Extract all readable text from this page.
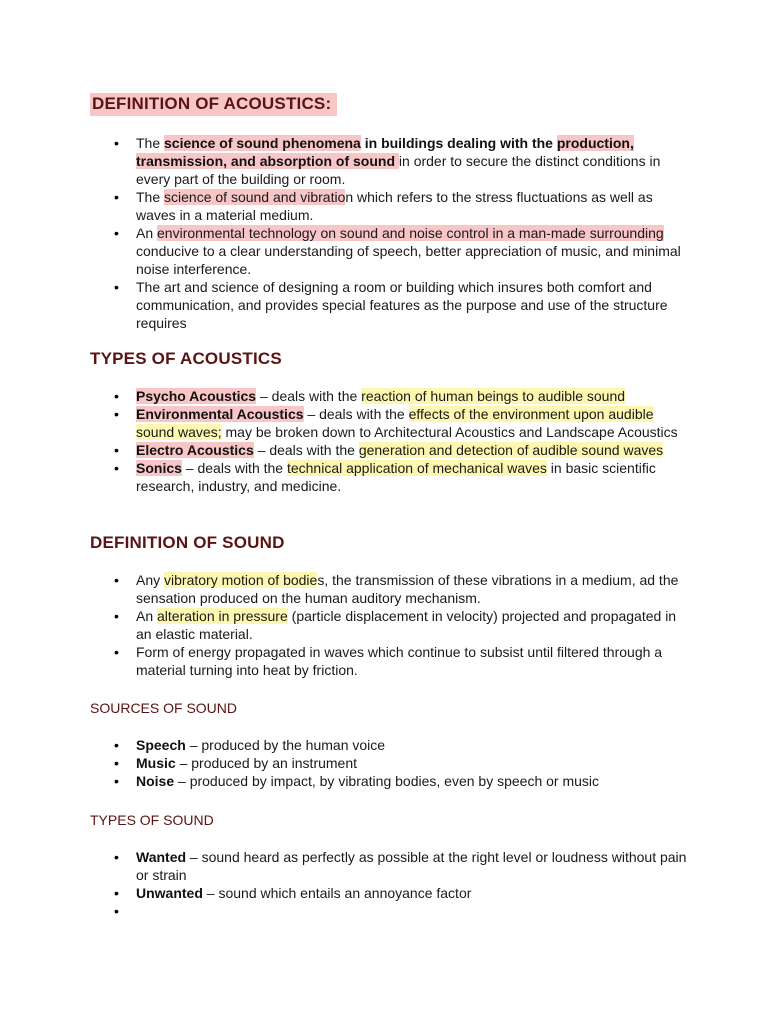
DEFINITION OF ACOUSTICS:
• The science of sound phenomena in buildings dealing with the production, transmission, and absorption of sound in order to secure the distinct conditions in every part of the building or room.
• The science of sound and vibration which refers to the stress fluctuations as well as waves in a material medium.
• An environmental technology on sound and noise control in a man-made surrounding conducive to a clear understanding of speech, better appreciation of music, and minimal noise interference.
• The art and science of designing a room or building which insures both comfort and communication, and provides special features as the purpose and use of the structure requires
TYPES OF ACOUSTICS
• Psycho Acoustics – deals with the reaction of human beings to audible sound
• Environmental Acoustics – deals with the effects of the environment upon audible sound waves; may be broken down to Architectural Acoustics and Landscape Acoustics
• Electro Acoustics – deals with the generation and detection of audible sound waves
• Sonics – deals with the technical application of mechanical waves in basic scientific research, industry, and medicine.
DEFINITION OF SOUND
• Any vibratory motion of bodies, the transmission of these vibrations in a medium, ad the sensation produced on the human auditory mechanism.
• An alteration in pressure (particle displacement in velocity) projected and propagated in an elastic material.
• Form of energy propagated in waves which continue to subsist until filtered through a material turning into heat by friction.
SOURCES OF SOUND
• Speech – produced by the human voice
• Music – produced by an instrument
• Noise – produced by impact, by vibrating bodies, even by speech or music
TYPES OF SOUND
• Wanted – sound heard as perfectly as possible at the right level or loudness without pain or strain
• Unwanted – sound which entails an annoyance factor
•
